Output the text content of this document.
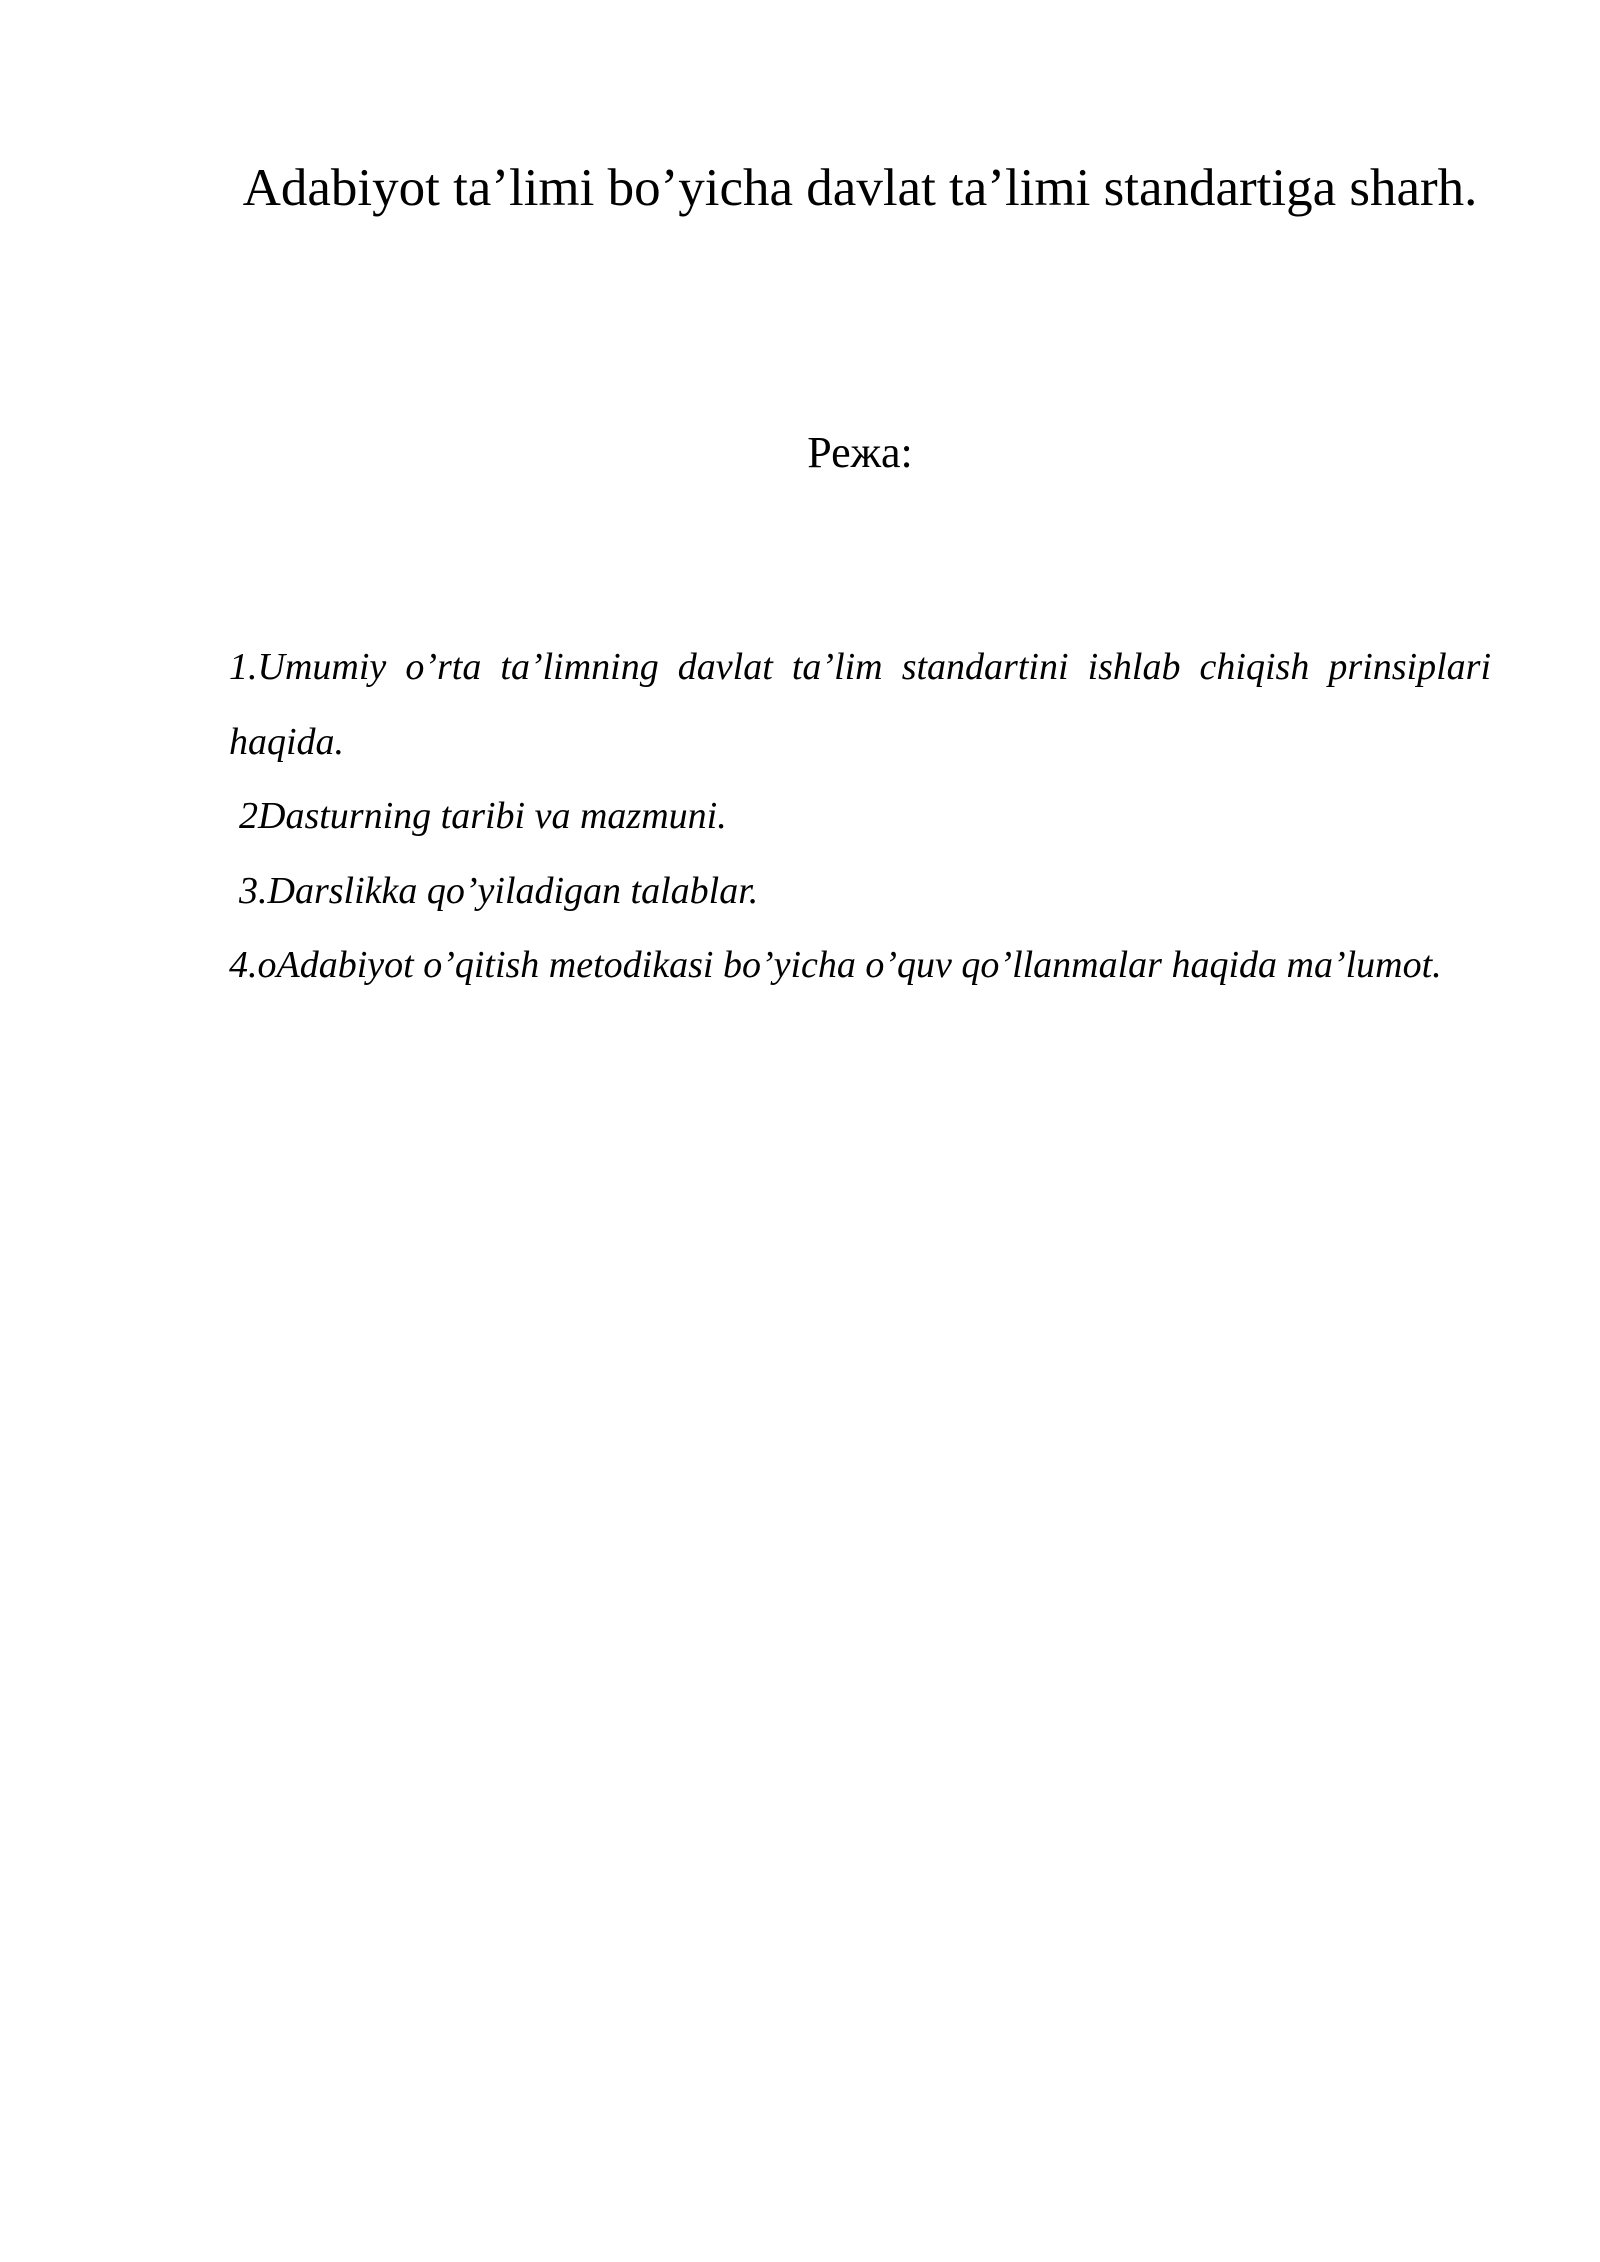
Adabiyot ta’limi bo’yicha davlat ta’limi standartiga sharh.
Режа:
1.Umumiy o’rta ta’limning davlat ta’lim standartini ishlab chiqish prinsiplari haqida.
2Dasturning taribi va mazmuni.
3.Darslikka qo’yiladigan talablar.
4.oAdabiyot o’qitish metodikasi bo’yicha o’quv qo’llanmalar haqida ma’lumot.
